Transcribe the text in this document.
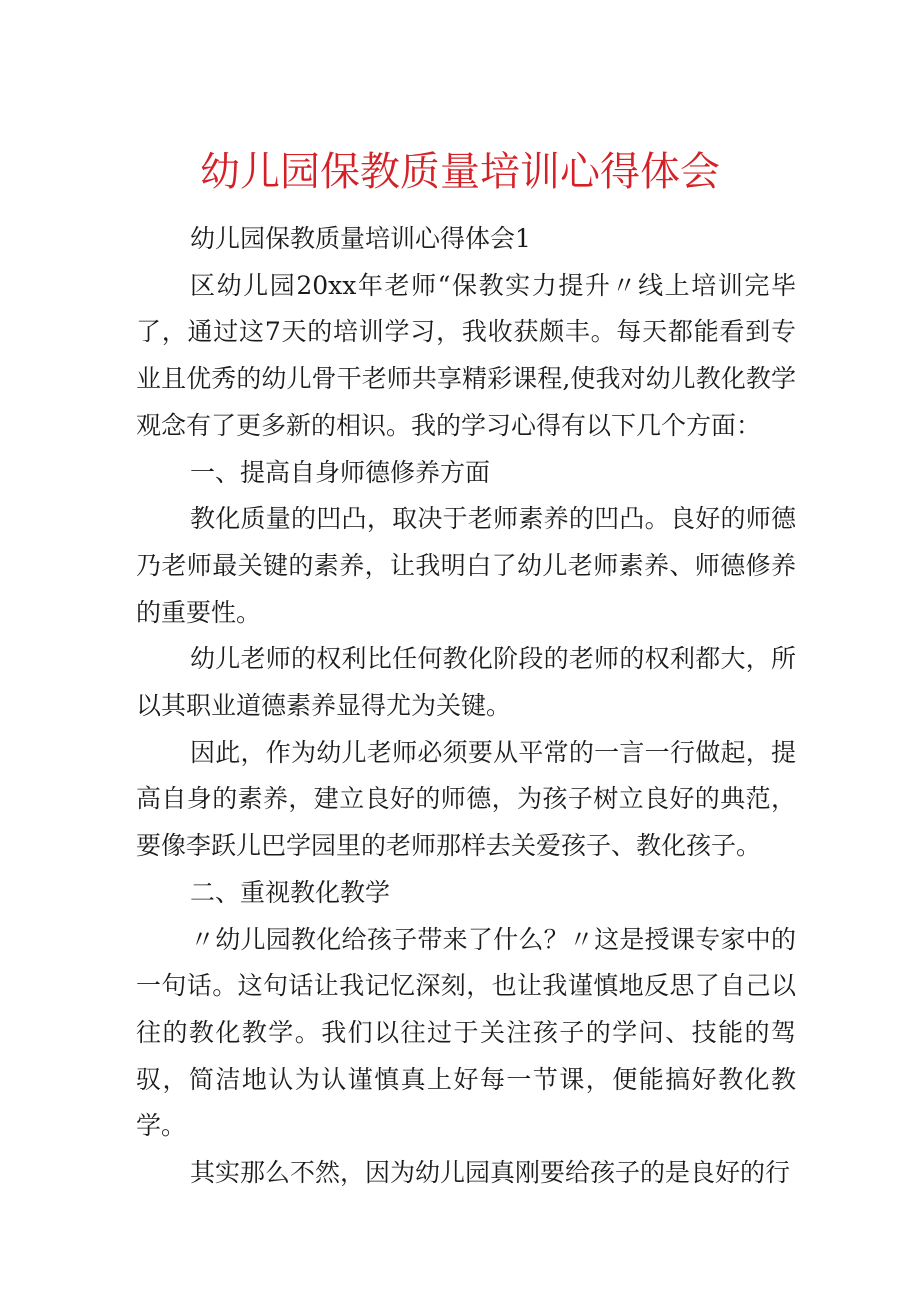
幼儿园保教质量培训心得体会

幼儿园保教质量培训心得体会1

区幼儿园20xx年老师“保教实力提升〃线上培训完毕了，通过这7天的培训学习，我收获颇丰。每天都能看到专业且优秀的幼儿骨干老师共享精彩课程,使我对幼儿教化教学观念有了更多新的相识。我的学习心得有以下几个方面：

一、提高自身师德修养方面

教化质量的凹凸，取决于老师素养的凹凸。良好的师德乃老师最关键的素养，让我明白了幼儿老师素养、师德修养的重要性。

幼儿老师的权利比任何教化阶段的老师的权利都大，所以其职业道德素养显得尤为关键。

因此，作为幼儿老师必须要从平常的一言一行做起，提高自身的素养，建立良好的师德，为孩子树立良好的典范，要像李跃儿巴学园里的老师那样去关爱孩子、教化孩子。

二、重视教化教学

〃幼儿园教化给孩子带来了什么？〃这是授课专家中的一句话。这句话让我记忆深刻，也让我谨慎地反思了自己以往的教化教学。我们以往过于关注孩子的学问、技能的驾驭，简洁地认为认谨慎真上好每一节课，便能搞好教化教学。

其实那么不然，因为幼儿园真刚要给孩子的是良好的行
